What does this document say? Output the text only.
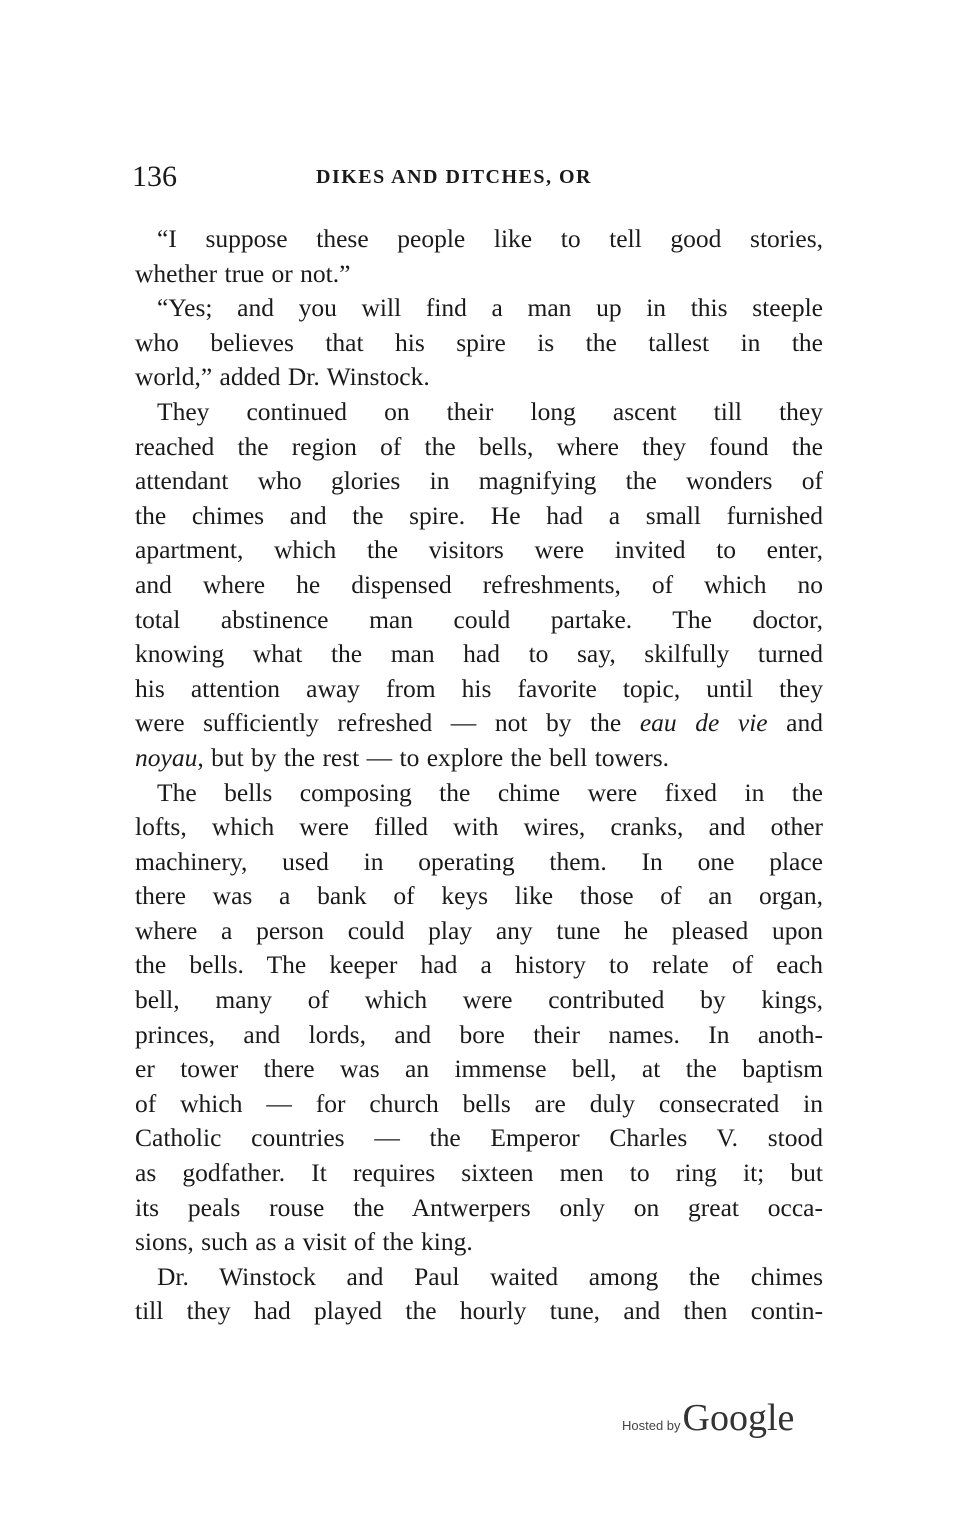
136	DIKES AND DITCHES, OR
“I suppose these people like to tell good stories,
whether true or not.”
“Yes; and you will find a man up in this steeple
who believes that his spire is the tallest in the
world,” added Dr. Winstock.
They continued on their long ascent till they
reached the region of the bells, where they found the
attendant who glories in magnifying the wonders of
the chimes and the spire. He had a small furnished
apartment, which the visitors were invited to enter,
and where he dispensed refreshments, of which no
total abstinence man could partake. The doctor,
knowing what the man had to say, skilfully turned
his attention away from his favorite topic, until they
were sufficiently refreshed — not by the eau de vie and
noyau, but by the rest — to explore the bell towers.
The bells composing the chime were fixed in the
lofts, which were filled with wires, cranks, and other
machinery, used in operating them. In one place
there was a bank of keys like those of an organ,
where a person could play any tune he pleased upon
the bells. The keeper had a history to relate of each
bell, many of which were contributed by kings,
princes, and lords, and bore their names. In anoth-
er tower there was an immense bell, at the baptism
of which — for church bells are duly consecrated in
Catholic countries — the Emperor Charles V. stood
as godfather. It requires sixteen men to ring it; but
its peals rouse the Antwerpers only on great occa-
sions, such as a visit of the king.
Dr. Winstock and Paul waited among the chimes
till they had played the hourly tune, and then contin-
Hosted by Google
